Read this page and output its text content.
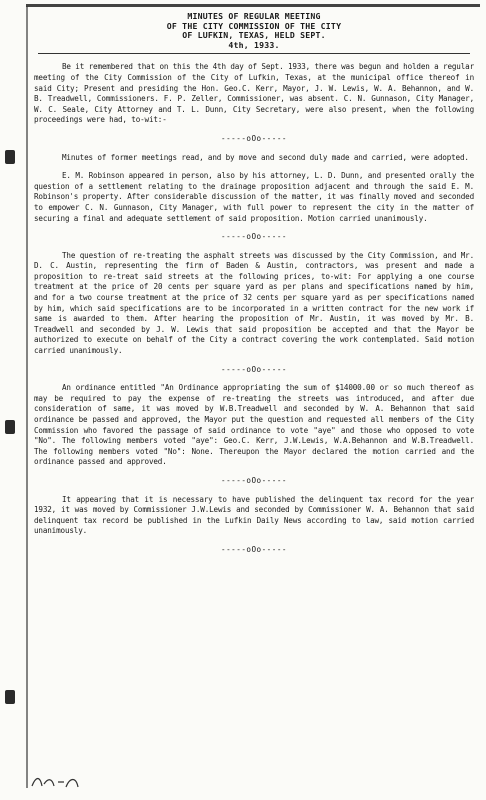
MINUTES OF REGULAR MEETING
OF THE CITY COMMISSION OF THE CITY
OF LUFKIN, TEXAS, HELD SEPT.
4th, 1933.

Be it remembered that on this the 4th day of Sept. 1933, there was begun and holden a regular meeting of the City Commission of the City of Lufkin, Texas, at the municipal office thereof in said City; Present and presiding the Hon. Geo.C. Kerr, Mayor, J. W. Lewis, W. A. Behannon, and W. B. Treadwell, Commissioners. F. P. Zeller, Commissioner, was absent. C. N. Gunnason, City Manager, W. C. Seale, City Attorney and T. L. Dunn, City Secretary, were also present, when the following proceedings were had, to-wit:-

-----oOo-----

Minutes of former meetings read, and by move and second duly made and carried, were adopted.

E. M. Robinson appeared in person, also by his attorney, L. D. Dunn, and presented orally the question of a settlement relating to the drainage proposition adjacent and through the said E. M. Robinson's property. After considerable discussion of the matter, it was finally moved and seconded to empower C. N. Gunnason, City Manager, with full power to represent the city in the matter of securing a final and adequate settlement of said proposition. Motion carried unanimously.

-----oOo-----

The question of re-treating the asphalt streets was discussed by the City Commission, and Mr. D. C. Austin, representing the firm of Baden & Austin, contractors, was present and made a proposition to re-treat said streets at the following prices, to-wit: For applying a one course treatment at the price of 20 cents per square yard as per plans and specifications named by him, and for a two course treatment at the price of 32 cents per square yard as per specifications named by him, which said specifications are to be incorporated in a written contract for the new work if same is awarded to them. After hearing the proposition of Mr. Austin, it was moved by Mr. B. Treadwell and seconded by J. W. Lewis that said proposition be accepted and that the Mayor be authorized to execute on behalf of the City a contract covering the work contemplated. Said motion carried unanimously.

-----oOo-----

An ordinance entitled "An Ordinance appropriating the sum of $14000.00 or so much thereof as may be required to pay the expense of re-treating the streets was introduced, and after due consideration of same, it was moved by W.B.Treadwell and seconded by W. A. Behannon that said ordinance be passed and approved, the Mayor put the question and requested all members of the City Commission who favored the passage of said ordinance to vote "aye" and those who opposed to vote "No". The following members voted "aye": Geo.C. Kerr, J.W.Lewis, W.A.Behannon and W.B.Treadwell. The following members voted "No": None. Thereupon the Mayor declared the motion carried and the ordinance passed and approved.

-----oOo-----

It appearing that it is necessary to have published the delinquent tax record for the year 1932, it was moved by Commissioner J.W.Lewis and seconded by Commissioner W. A. Behannon that said delinquent tax record be published in the Lufkin Daily News according to law, said motion carried unanimously.

-----oOo-----
